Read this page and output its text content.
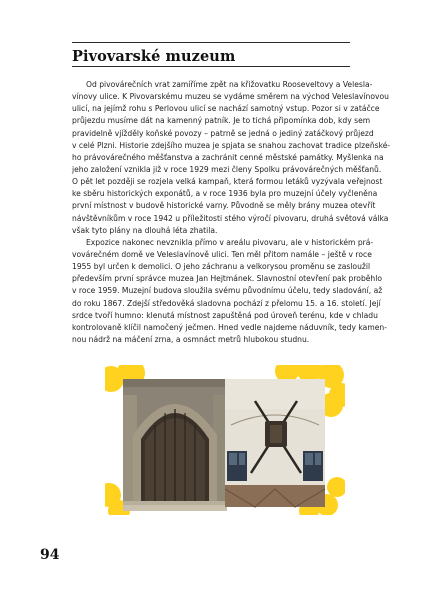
Pivovarské muzeum
Od pivovárečních vrat zamíříme zpět na křižovatku Rooseveltovy a Velesla-
vínovy ulice. K Pivovarskému muzeu se vydáme směrem na východ Veleslavínovou
ulicí, na jejímž rohu s Perlovou ulicí se nachází samotný vstup. Pozor si v zatáčce
průjezdu musíme dát na kamenný patník. Je to tichá připomínka dob, kdy sem
pravidelně vjížděly koňské povozy – patrně se jedná o jediný zatáčkový průjezd
v celé Plzni. Historie zdejšího muzea je spjata se snahou zachovat tradice plzeňské-
ho právovárečného měšťanstva a zachránit cenné městské památky. Myšlenka na
jeho založení vznikla již v roce 1929 mezi členy Spolku právovárečných měšťanů.
O pět let později se rozjela velká kampaň, která formou letáků vyzývala veřejnost
ke sběru historických exponátů, a v roce 1936 byla pro muzejní účely vyčleněna
první místnost v budově historické varny. Původně se měly brány muzea otevřít
návštěvníkům v roce 1942 u příležitosti stého výročí pivovaru, druhá světová válka
však tyto plány na dlouhá léta zhatila.
Expozice nakonec nevznikla přímo v areálu pivovaru, ale v historickém prá-
vovárečném domě ve Veleslavínově ulici. Ten měl přitom namále – ještě v roce
1955 byl určen k demolici. O jeho záchranu a velkorysou proměnu se zasloužil
především první správce muzea Jan Hejtmánek. Slavnostní otevření pak proběhlo
v roce 1959. Muzejní budova sloužila svému původnímu účelu, tedy sladování, až
do roku 1867. Zdejší středověká sladovna pochází z přelomu 15. a 16. století. Její
srdce tvoří humno: klenutá místnost zapuštěná pod úroveň terénu, kde v chladu
kontrolovaně klíčil namočený ječmen. Hned vedle najdeme náduvník, tedy kamen-
nou nádrž na máčení zrna, a osmnáct metrů hlubokou studnu.
94
